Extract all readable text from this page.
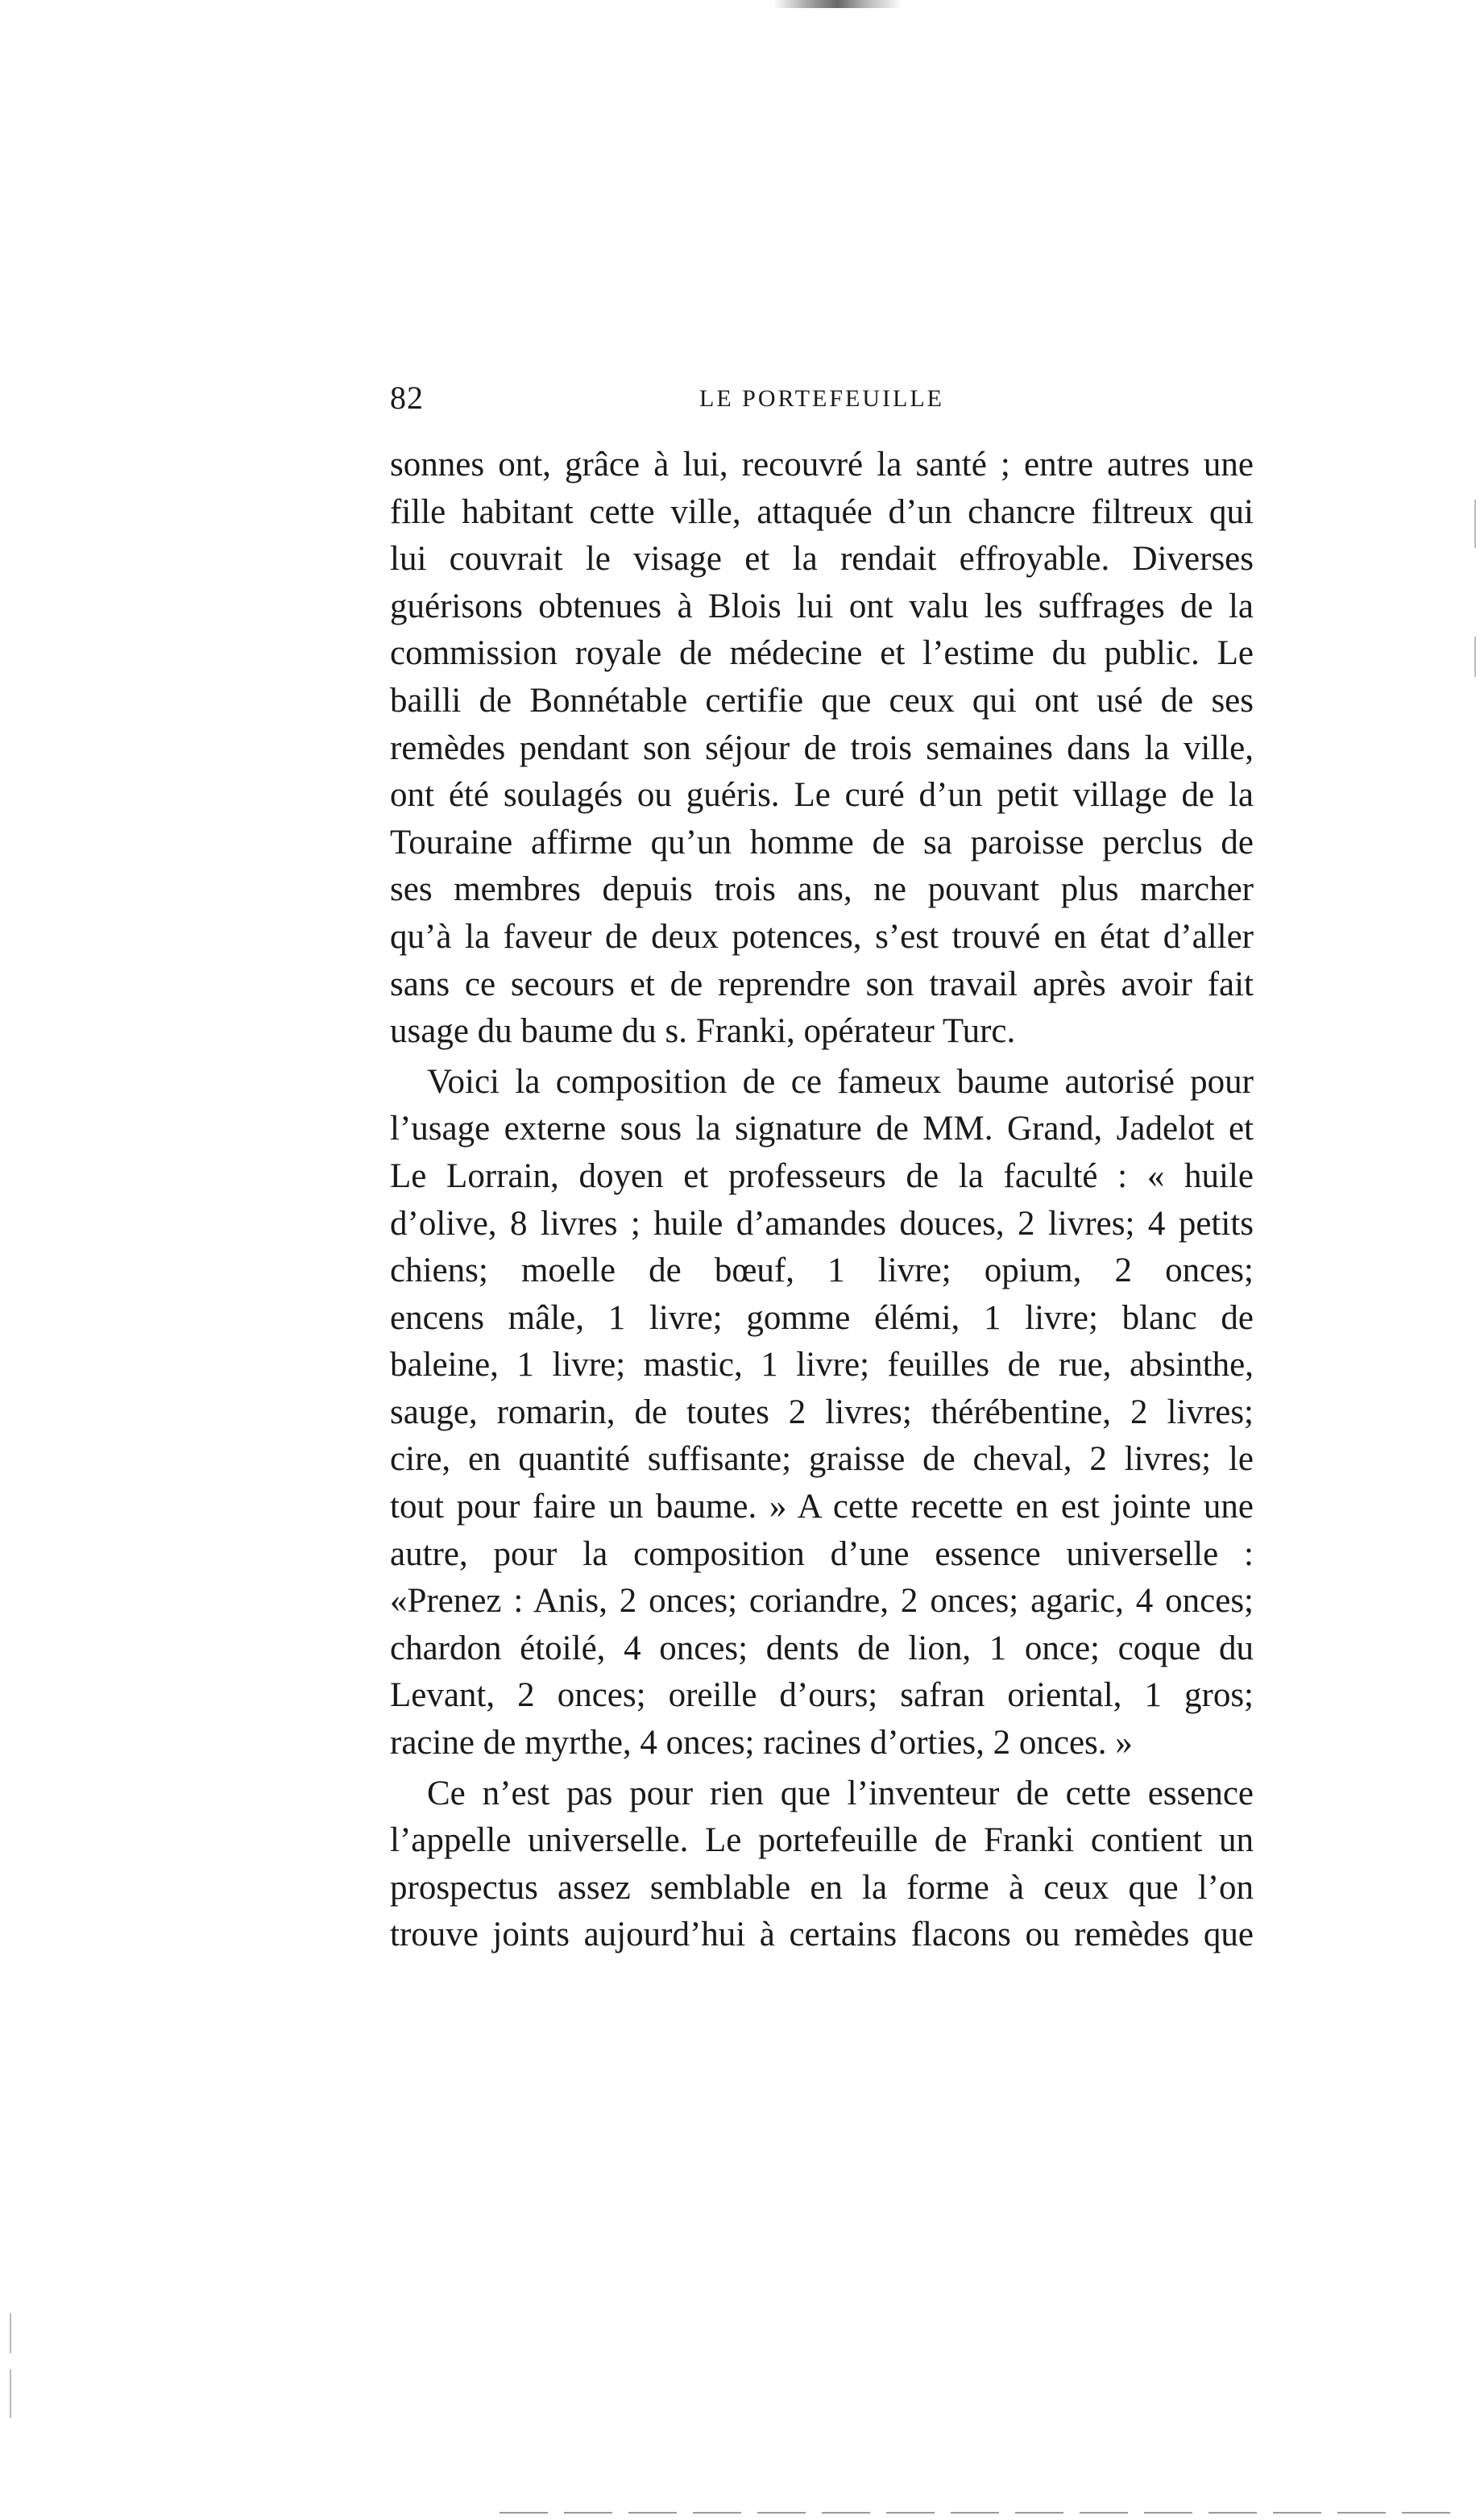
82	LE PORTEFEUILLE
sonnes ont, grâce à lui, recouvré la santé ; entre autres une
fille habitant cette ville, attaquée d’un chancre filtreux qui
lui couvrait le visage et la rendait effroyable. Diverses
guérisons obtenues à Blois lui ont valu les suffrages de la
commission royale de médecine et l’estime du public. Le
bailli de Bonnétable certifie que ceux qui ont usé de ses
remèdes pendant son séjour de trois semaines dans la ville,
ont été soulagés ou guéris. Le curé d’un petit village de la
Touraine affirme qu’un homme de sa paroisse perclus de
ses membres depuis trois ans, ne pouvant plus marcher
qu’à la faveur de deux potences, s’est trouvé en état d’aller
sans ce secours et de reprendre son travail après avoir fait
usage du baume du s. Franki, opérateur Turc.
Voici la composition de ce fameux baume autorisé pour
l’usage externe sous la signature de MM. Grand, Jadelot et
Le Lorrain, doyen et professeurs de la faculté : « huile
d’olive, 8 livres ; huile d’amandes douces, 2 livres; 4 petits
chiens; moelle de bœuf, 1 livre; opium, 2 onces;
encens mâle, 1 livre; gomme élémi, 1 livre; blanc de
baleine, 1 livre; mastic, 1 livre; feuilles de rue, absinthe,
sauge, romarin, de toutes 2 livres; thérébentine, 2 livres;
cire, en quantité suffisante; graisse de cheval, 2 livres; le
tout pour faire un baume. » A cette recette en est jointe une
autre, pour la composition d’une essence universelle :
«Prenez : Anis, 2 onces; coriandre, 2 onces; agaric, 4 onces;
chardon étoilé, 4 onces; dents de lion, 1 once; coque du
Levant, 2 onces; oreille d’ours; safran oriental, 1 gros;
racine de myrthe, 4 onces; racines d’orties, 2 onces. »
Ce n’est pas pour rien que l’inventeur de cette essence
l’appelle universelle. Le portefeuille de Franki contient un
prospectus assez semblable en la forme à ceux que l’on
trouve joints aujourd’hui à certains flacons ou remèdes que
